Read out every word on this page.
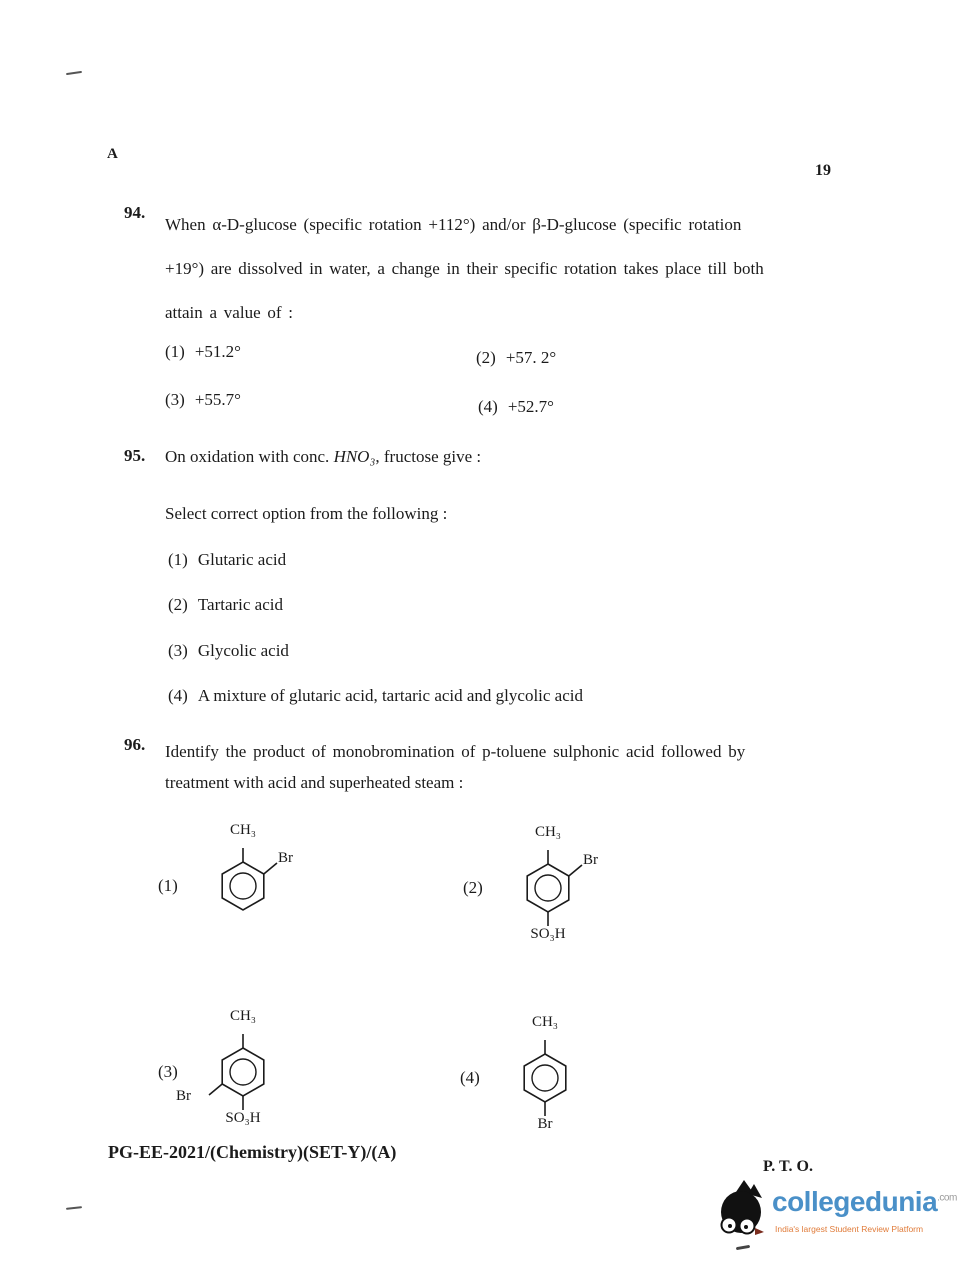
A
19
94.
When α-D-glucose (specific rotation +112°) and/or β-D-glucose (specific rotation
+19°) are dissolved in water, a change in their specific rotation takes place till both
attain a value of :
(1) +51.2°	(2) +57. 2°
(3) +55.7°	(4) +52.7°
95. On oxidation with conc. HNO₃, fructose give :
Select correct option from the following :
(1) Glutaric acid
(2) Tartaric acid
(3) Glycolic acid
(4) A mixture of glutaric acid, tartaric acid and glycolic acid
96. Identify the product of monobromination of p-toluene sulphonic acid followed by
treatment with acid and superheated steam :
(1)
CH₃
Br
(2)
CH₃
Br
SO₃H
(3)
CH₃
Br
SO₃H
(4)
CH₃
Br
PG-EE-2021/(Chemistry)(SET-Y)/(A)
P. T. O.
collegedunia$^{.com}$
India's largest Student Review Platform
